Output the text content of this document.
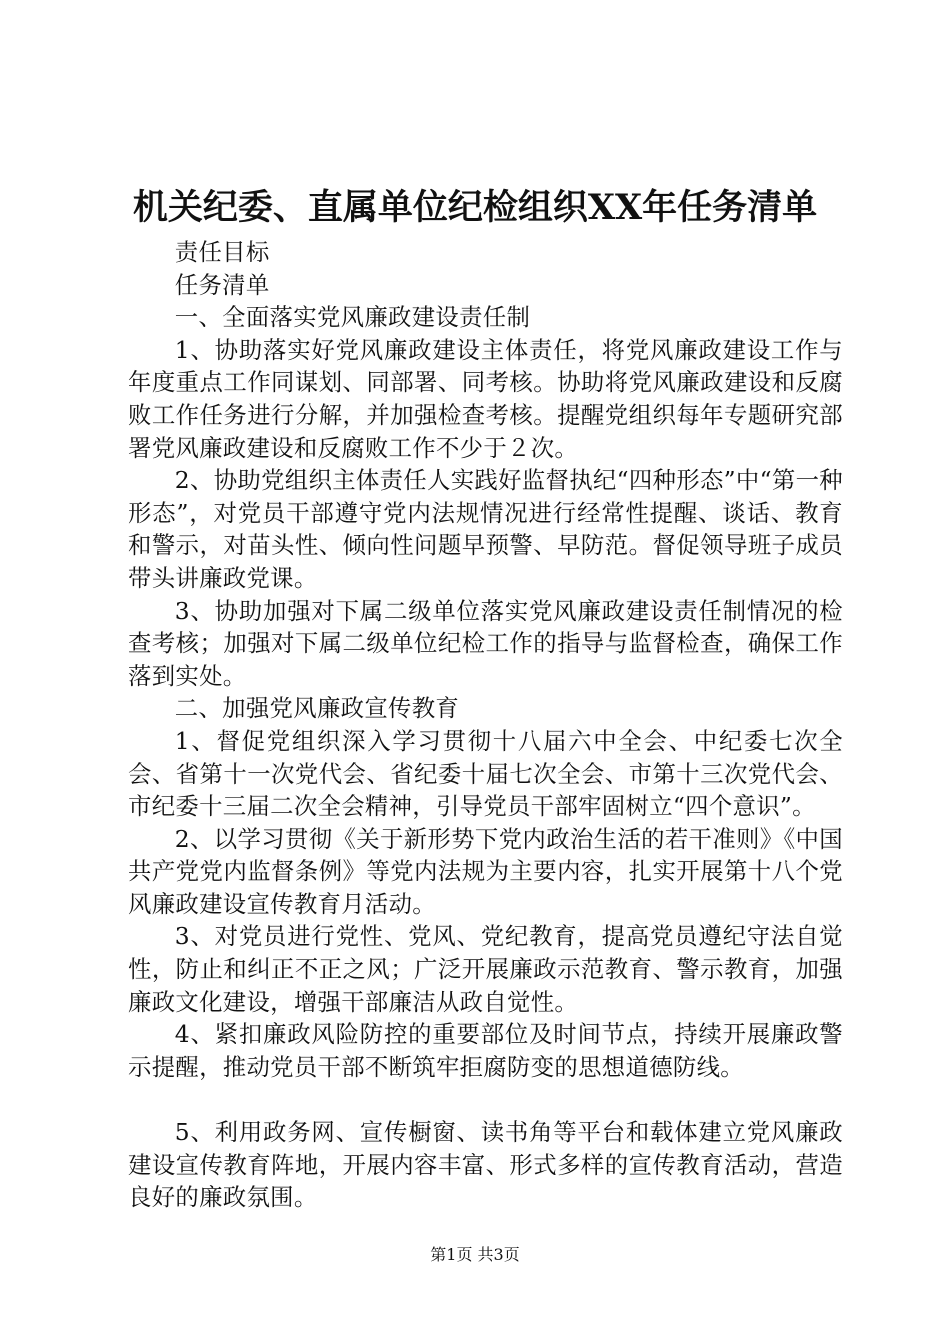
机关纪委、直属单位纪检组织XX年任务清单

责任目标

任务清单

一、全面落实党风廉政建设责任制

1、协助落实好党风廉政建设主体责任，将党风廉政建设工作与年度重点工作同谋划、同部署、同考核。协助将党风廉政建设和反腐败工作任务进行分解，并加强检查考核。提醒党组织每年专题研究部署党风廉政建设和反腐败工作不少于２次。

2、协助党组织主体责任人实践好监督执纪“四种形态”中“第一种形态”，对党员干部遵守党内法规情况进行经常性提醒、谈话、教育和警示，对苗头性、倾向性问题早预警、早防范。督促领导班子成员带头讲廉政党课。

3、协助加强对下属二级单位落实党风廉政建设责任制情况的检查考核；加强对下属二级单位纪检工作的指导与监督检查，确保工作落到实处。

二、加强党风廉政宣传教育

1、督促党组织深入学习贯彻十八届六中全会、中纪委七次全会、省第十一次党代会、省纪委十届七次全会、市第十三次党代会、市纪委十三届二次全会精神，引导党员干部牢固树立“四个意识”。

2、以学习贯彻《关于新形势下党内政治生活的若干准则》《中国共产党党内监督条例》等党内法规为主要内容，扎实开展第十八个党风廉政建设宣传教育月活动。

3、对党员进行党性、党风、党纪教育，提高党员遵纪守法自觉性，防止和纠正不正之风；广泛开展廉政示范教育、警示教育，加强廉政文化建设，增强干部廉洁从政自觉性。

4、紧扣廉政风险防控的重要部位及时间节点，持续开展廉政警示提醒，推动党员干部不断筑牢拒腐防变的思想道德防线。

5、利用政务网、宣传橱窗、读书角等平台和载体建立党风廉政建设宣传教育阵地，开展内容丰富、形式多样的宣传教育活动，营造良好的廉政氛围。

第1页 共3页
